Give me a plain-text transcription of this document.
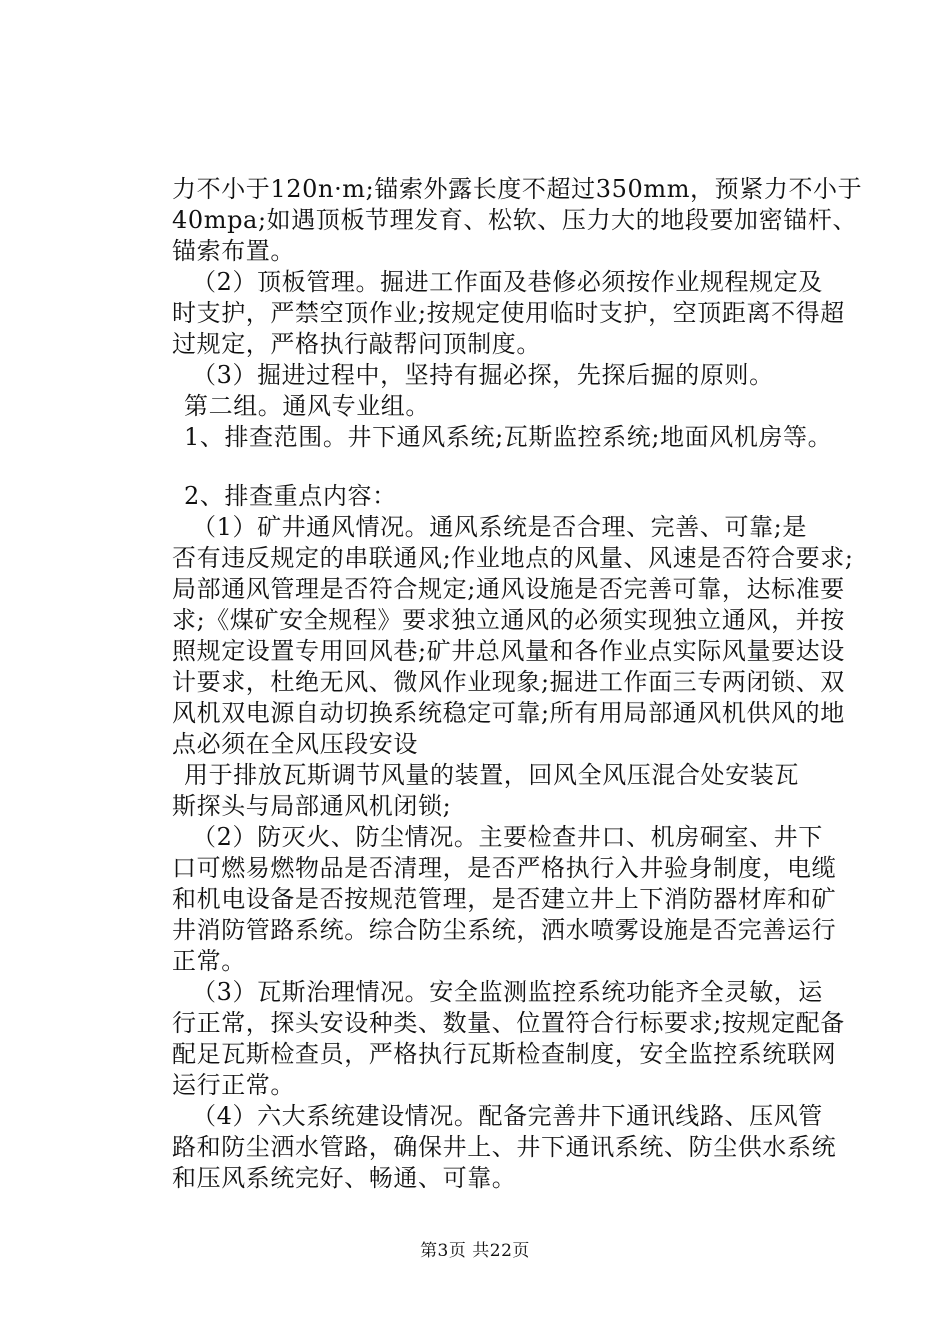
力不小于120n·m;锚索外露长度不超过350mm，预紧力不小于
40mpa;如遇顶板节理发育、松软、压力大的地段要加密锚杆、
锚索布置。
（2）顶板管理。掘进工作面及巷修必须按作业规程规定及
时支护，严禁空顶作业;按规定使用临时支护，空顶距离不得超
过规定，严格执行敲帮问顶制度。
（3）掘进过程中，坚持有掘必探，先探后掘的原则。
第二组。通风专业组。
1、排查范围。井下通风系统;瓦斯监控系统;地面风机房等。
2、排查重点内容：
（1）矿井通风情况。通风系统是否合理、完善、可靠;是
否有违反规定的串联通风;作业地点的风量、风速是否符合要求;
局部通风管理是否符合规定;通风设施是否完善可靠，达标准要
求;《煤矿安全规程》要求独立通风的必须实现独立通风，并按
照规定设置专用回风巷;矿井总风量和各作业点实际风量要达设
计要求，杜绝无风、微风作业现象;掘进工作面三专两闭锁、双
风机双电源自动切换系统稳定可靠;所有用局部通风机供风的地
点必须在全风压段安设
用于排放瓦斯调节风量的装置，回风全风压混合处安装瓦
斯探头与局部通风机闭锁;
（2）防灭火、防尘情况。主要检查井口、机房硐室、井下
口可燃易燃物品是否清理，是否严格执行入井验身制度，电缆
和机电设备是否按规范管理，是否建立井上下消防器材库和矿
井消防管路系统。综合防尘系统，洒水喷雾设施是否完善运行
正常。
（3）瓦斯治理情况。安全监测监控系统功能齐全灵敏，运
行正常，探头安设种类、数量、位置符合行标要求;按规定配备
配足瓦斯检查员，严格执行瓦斯检查制度，安全监控系统联网
运行正常。
（4）六大系统建设情况。配备完善井下通讯线路、压风管
路和防尘洒水管路，确保井上、井下通讯系统、防尘供水系统
和压风系统完好、畅通、可靠。
第3页 共22页
